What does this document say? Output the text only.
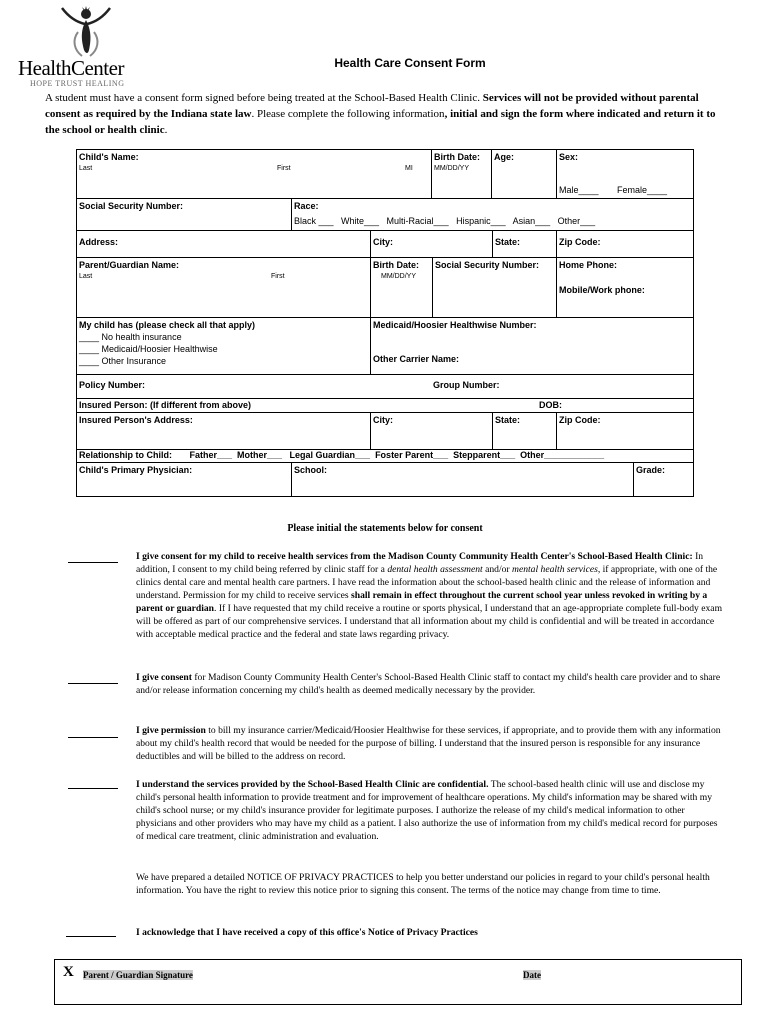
HealthCenter
HOPE TRUST HEALING
Health Care Consent Form
A student must have a consent form signed before being treated at the School-Based Health Clinic. Services will not be provided without parental consent as required by the Indiana state law. Please complete the following information, initial and sign the form where indicated and return it to the school or health clinic.
Child's Name:
Last	First	MI
Birth Date:
MM/DD/YY
Age:	Sex:
Male____ Female____
Social Security Number:	Race:
Black ___   White___   Multi-Racial___   Hispanic___   Asian___   Other___
Address:	City:	State:	Zip Code:
Parent/Guardian Name:
Last	First
Birth Date:
MM/DD/YY
Social Security Number:	Home Phone:
Mobile/Work phone:
My child has (please check all that apply)
____ No health insurance
____ Medicaid/Hoosier Healthwise
____ Other Insurance
Medicaid/Hoosier Healthwise Number:
Other Carrier Name:
Policy Number:	Group Number:
Insured Person: (If different from above)	DOB:
Insured Person's Address:	City:	State:	Zip Code:
Relationship to Child:       Father___  Mother___   Legal Guardian___  Foster Parent___  Stepparent___  Other____________
Child's Primary Physician:	School:	Grade:
Please initial the statements below for consent
I give consent for my child to receive health services from the Madison County Community Health Center's School-Based Health Clinic: In addition, I consent to my child being referred by clinic staff for a dental health assessment and/or mental health services, if appropriate, with one of the clinics dental care and mental health care partners. I have read the information about the school-based health clinic and the release of information and understand. Permission for my child to receive services shall remain in effect throughout the current school year unless revoked in writing by a parent or guardian. If I have requested that my child receive a routine or sports physical, I understand that an age-appropriate complete full-body exam will be offered as part of our comprehensive services. I understand that all information about my child is confidential and will be treated in accordance with acceptable medical practice and the federal and state laws regarding privacy.
I give consent for Madison County Community Health Center's School-Based Health Clinic staff to contact my child's health care provider and to share and/or release information concerning my child's health as deemed medically necessary by the provider.
I give permission to bill my insurance carrier/Medicaid/Hoosier Healthwise for these services, if appropriate, and to provide them with any information about my child's health record that would be needed for the purpose of billing. I understand that the insured person is responsible for any insurance deductibles and will be billed to the address on record.
I understand the services provided by the School-Based Health Clinic are confidential. The school-based health clinic will use and disclose my child's personal health information to provide treatment and for improvement of healthcare operations. My child's information may be shared with my child's school nurse; or my child's insurance provider for legitimate purposes. I authorize the release of my child's medical information to other physicians and other providers who may have my child as a patient. I also authorize the use of information from my child's medical record for purposes of medical care treatment, clinic administration and evaluation.
We have prepared a detailed NOTICE OF PRIVACY PRACTICES to help you better understand our policies in regard to your child's personal health information. You have the right to review this notice prior to signing this consent. The terms of the notice may change from time to time.
I acknowledge that I have received a copy of this office's Notice of Privacy Practices
X Parent / Guardian Signature	Date
